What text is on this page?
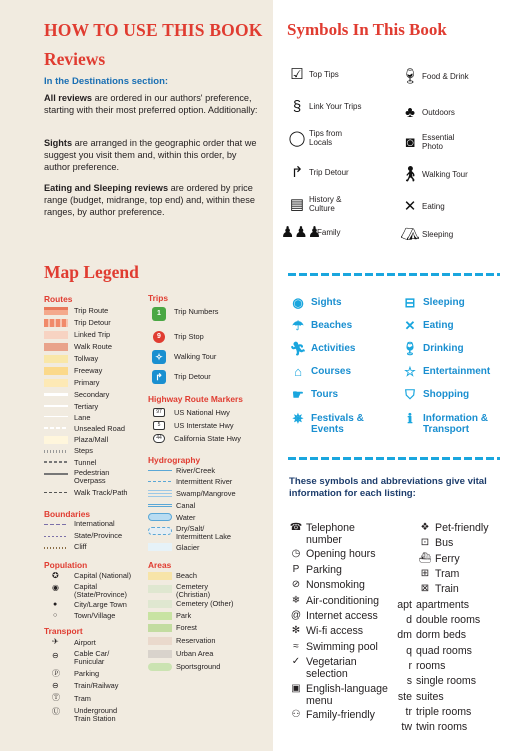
HOW TO USE THIS BOOK
Reviews
In the Destinations section:
All reviews are ordered in our authors' preference, starting with their most preferred option. Additionally:
Sights are arranged in the geographic order that we suggest you visit them and, within this order, by author preference.
Eating and Sleeping reviews are ordered by price range (budget, midrange, top end) and, within these ranges, by author preference.
Map Legend
Routes
Trip Route
Trip Detour
Linked Trip
Walk Route
Tollway
Freeway
Primary
Secondary
Tertiary
Lane
Unsealed Road
Plaza/Mall
Steps
Tunnel
Pedestrian Overpass
Walk Track/Path
Boundaries
International
State/Province
Cliff
Population
✪ Capital (National)
◉ Capital (State/Province)
● City/Large Town
○ Town/Village
Transport
✈ Airport
⊖ Cable Car/ Funicular
Ⓟ Parking
⊖ Train/Railway
Ⓣ Tram
Ⓤ Underground Train Station
Trips
1	Trip Numbers
9	Trip Stop
✧	Walking Tour
↱	Trip Detour
Highway Route Markers
97	US National Hwy
5	US Interstate Hwy
44	California State Hwy
Hydrography
River/Creek
Intermittent River
Swamp/Mangrove
Canal
Water
Dry/Salt/ Intermittent Lake
Glacier
Areas
Beach
Cemetery (Christian)
Cemetery (Other)
Park
Forest
Reservation
Urban Area
Sportsground
Symbols In This Book
☑ Top Tips
§ Link Your Trips
◯ Tips from Locals
↱ Trip Detour
▤ History & Culture
♟♟♟
Family
🍷︎ Food & Drink
♣ Outdoors
◙ Essential Photo
🚶︎ Walking Tour
✕ Eating
⛺︎ Sleeping
◉ Sights
☂ Beaches
🏃︎ Activities
⌂ Courses
☛ Tours
✵ Festivals & Events
⊟ Sleeping
✕ Eating
🍷︎ Drinking
☆ Entertainment
⛉ Shopping
ℹ	Information & Transport
These symbols and abbreviations give vital information for each listing:
☎ Telephone number
◷ Opening hours
P Parking
⊘ Nonsmoking
❄ Air-conditioning
@ Internet access
✻ Wi-fi access
≈ Swimming pool
✓ Vegetarian selection
▣ English-language menu
⚇ Family-friendly
❖ Pet-friendly
⊡ Bus
⛴︎ Ferry
⊞ Tram
⊠ Train
apt apartments
d double rooms
dm dorm beds
q quad rooms
r rooms
s single rooms
ste suites
tr triple rooms
tw twin rooms
